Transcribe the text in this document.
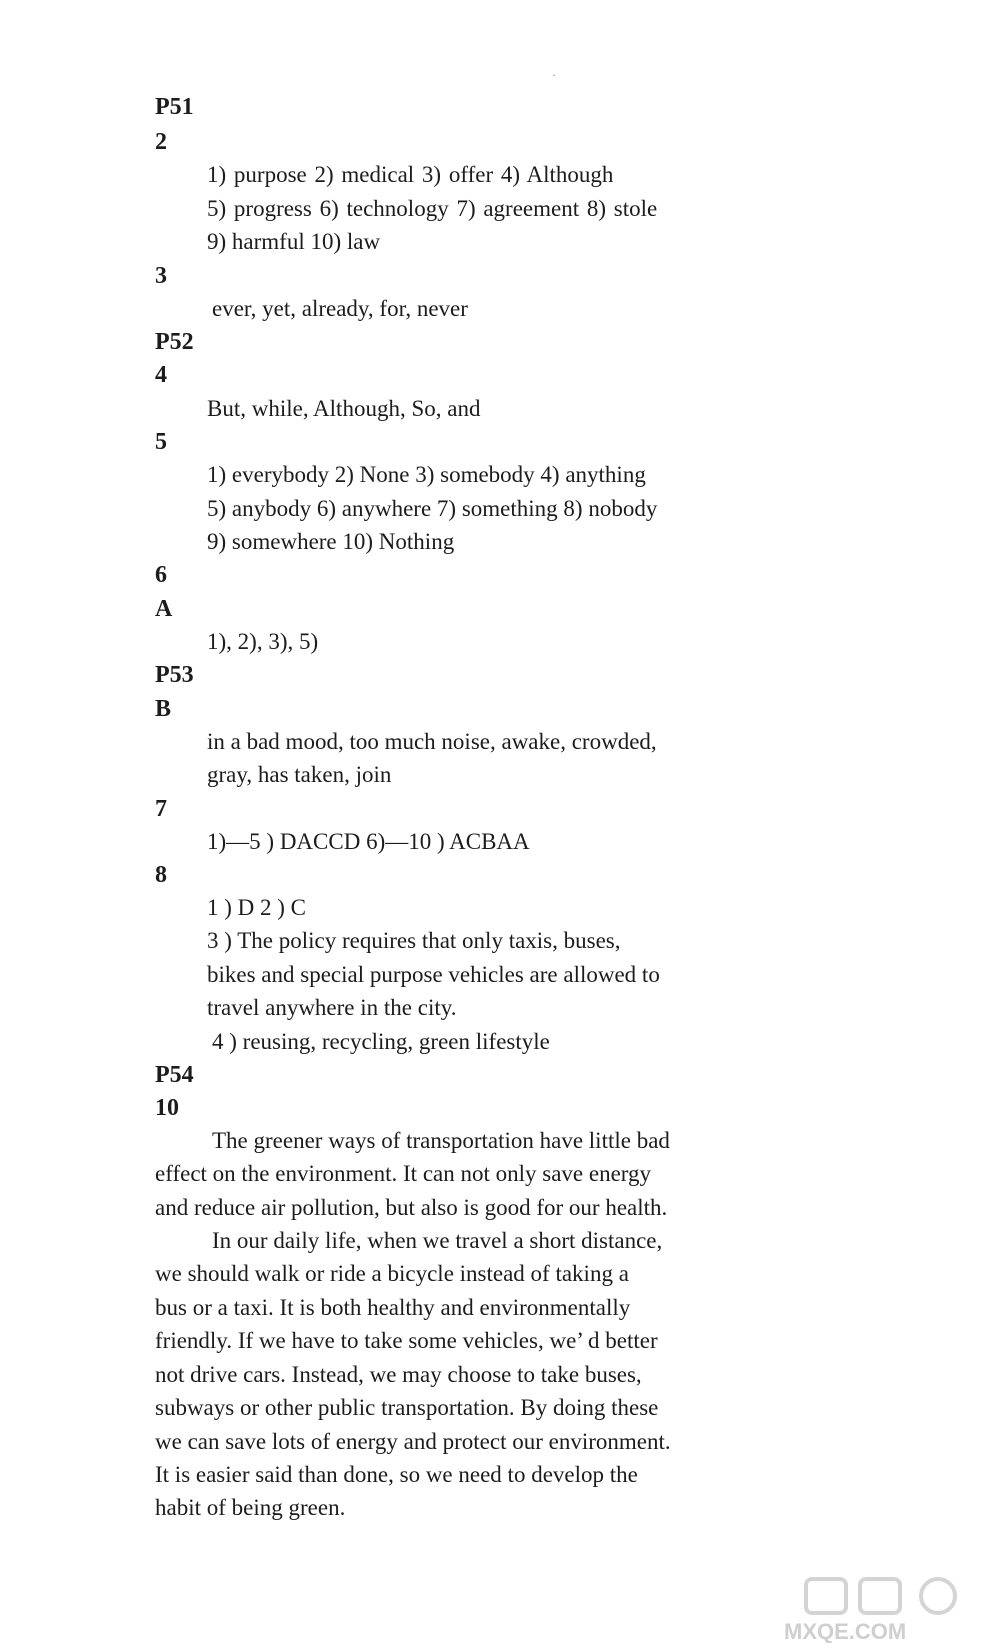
·
P51
2
1) purpose 2) medical 3) offer 4) Although
5) progress 6) technology 7) agreement 8) stole
9) harmful 10) law
3
ever, yet, already, for, never
P52
4
But, while, Although, So, and
5
1) everybody 2) None 3) somebody 4) anything
5) anybody 6) anywhere 7) something 8) nobody
9) somewhere 10) Nothing
6
A
1), 2), 3), 5)
P53
B
in a bad mood, too much noise, awake, crowded,
gray, has taken, join
7
1)—5 ) DACCD 6)—10 ) ACBAA
8
1 ) D 2 ) C
3 ) The policy requires that only taxis, buses,
bikes and special purpose vehicles are allowed to
travel anywhere in the city.
4 ) reusing, recycling, green lifestyle
P54
10
The greener ways of transportation have little bad
effect on the environment. It can not only save energy
and reduce air pollution, but also is good for our health.
In our daily life, when we travel a short distance,
we should walk or ride a bicycle instead of taking a
bus or a taxi. It is both healthy and environmentally
friendly. If we have to take some vehicles, we’ d better
not drive cars. Instead, we may choose to take buses,
subways or other public transportation. By doing these
we can save lots of energy and protect our environment.
It is easier said than done, so we need to develop the
habit of being green.
MXQE.COM
